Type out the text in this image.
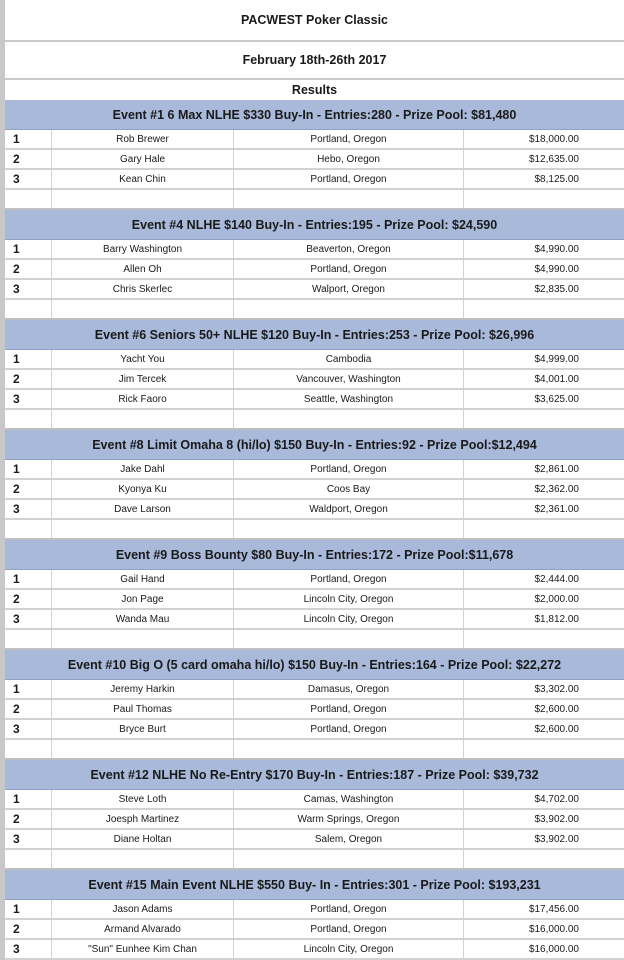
PACWEST Poker Classic
February 18th-26th 2017
Results
Event #1 6 Max NLHE $330 Buy-In - Entries:280 - Prize Pool: $81,480
1	Rob Brewer	Portland, Oregon	$18,000.00
2	Gary Hale	Hebo, Oregon	$12,635.00
3	Kean Chin	Portland, Oregon	$8,125.00
Event #4 NLHE $140 Buy-In - Entries:195 - Prize Pool: $24,590
1	Barry Washington	Beaverton, Oregon	$4,990.00
2	Allen Oh	Portland, Oregon	$4,990.00
3	Chris Skerlec	Walport, Oregon	$2,835.00
Event #6 Seniors 50+ NLHE $120 Buy-In - Entries:253 - Prize Pool: $26,996
1	Yacht You	Cambodia	$4,999.00
2	Jim Tercek	Vancouver, Washington	$4,001.00
3	Rick Faoro	Seattle, Washington	$3,625.00
Event #8 Limit Omaha 8 (hi/lo) $150 Buy-In - Entries:92 - Prize Pool:$12,494
1	Jake Dahl	Portland, Oregon	$2,861.00
2	Kyonya Ku	Coos Bay	$2,362.00
3	Dave Larson	Waldport, Oregon	$2,361.00
Event #9 Boss Bounty $80 Buy-In - Entries:172 - Prize Pool:$11,678
1	Gail Hand	Portland, Oregon	$2,444.00
2	Jon Page	Lincoln City, Oregon	$2,000.00
3	Wanda Mau	Lincoln City, Oregon	$1,812.00
Event #10 Big O (5 card omaha hi/lo) $150 Buy-In - Entries:164 - Prize Pool: $22,272
1	Jeremy Harkin	Damasus, Oregon	$3,302.00
2	Paul Thomas	Portland, Oregon	$2,600.00
3	Bryce Burt	Portland, Oregon	$2,600.00
Event #12 NLHE No Re-Entry $170 Buy-In - Entries:187 - Prize Pool: $39,732
1	Steve Loth	Camas, Washington	$4,702.00
2	Joesph Martinez	Warm Springs, Oregon	$3,902.00
3	Diane Holtan	Salem, Oregon	$3,902.00
Event #15 Main Event NLHE $550 Buy- In - Entries:301 - Prize Pool: $193,231
1	Jason Adams	Portland, Oregon	$17,456.00
2	Armand Alvarado	Portland, Oregon	$16,000.00
3	"Sun" Eunhee Kim Chan	Lincoln City, Oregon	$16,000.00
